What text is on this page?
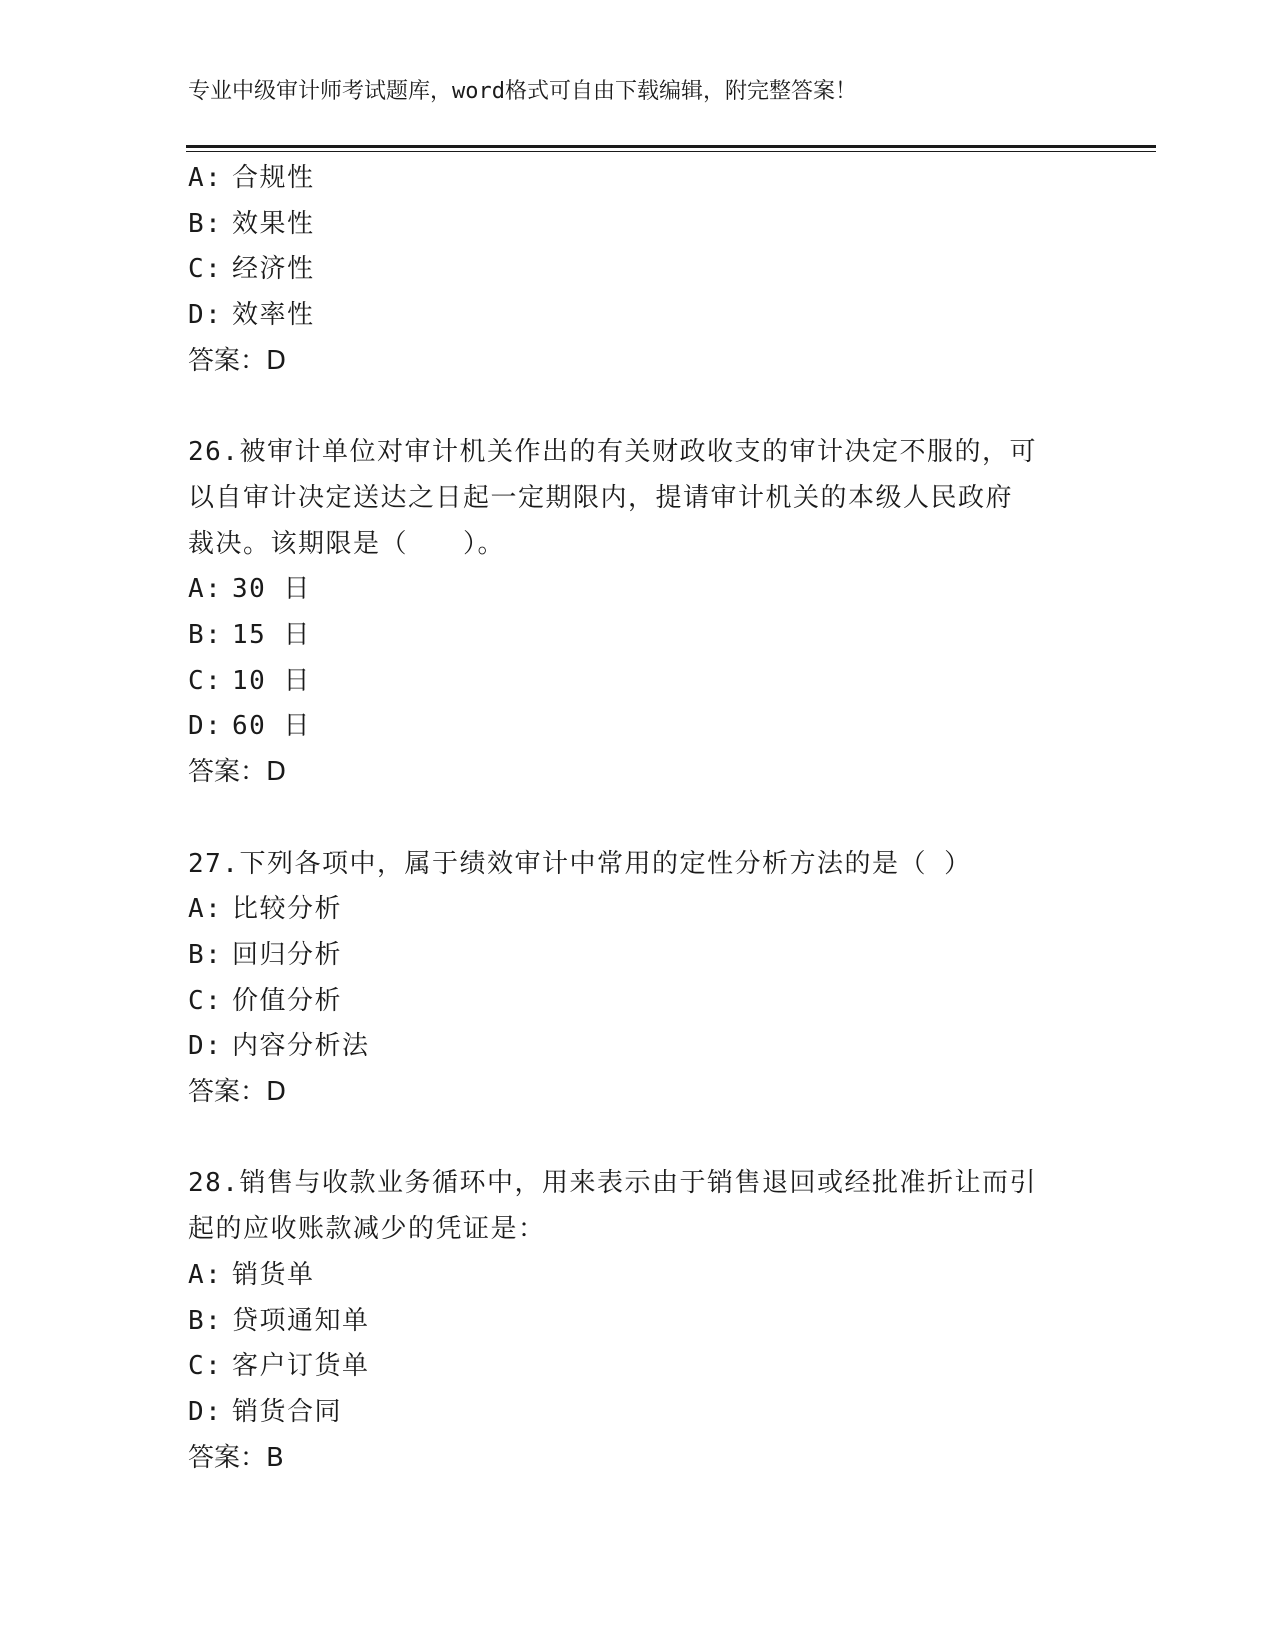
专业中级审计师考试题库，word格式可自由下载编辑，附完整答案！
A: 合规性
B: 效果性
C: 经济性
D: 效率性
答案：D
26.被审计单位对审计机关作出的有关财政收支的审计决定不服的，可
以自审计决定送达之日起一定期限内，提请审计机关的本级人民政府
裁决。该期限是（　　）。
A: 30 日
B: 15 日
C: 10 日
D: 60 日
答案：D
27.下列各项中，属于绩效审计中常用的定性分析方法的是（ ）
A: 比较分析
B: 回归分析
C: 价值分析
D: 内容分析法
答案：D
28.销售与收款业务循环中，用来表示由于销售退回或经批准折让而引
起的应收账款减少的凭证是：
A: 销货单
B: 贷项通知单
C: 客户订货单
D: 销货合同
答案：B
